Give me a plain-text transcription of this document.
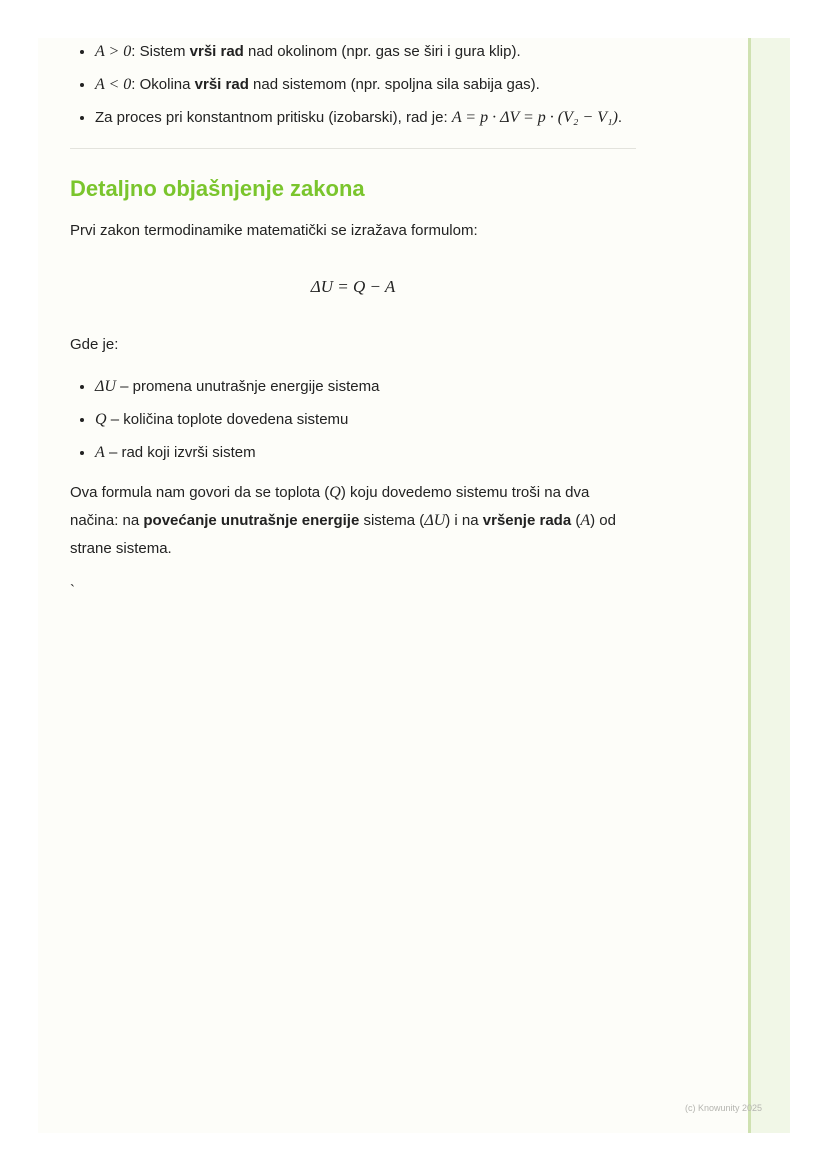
• A > 0: Sistem vrši rad nad okolinom (npr. gas se širi i gura klip).
• A < 0: Okolina vrši rad nad sistemom (npr. spoljna sila sabija gas).
• Za proces pri konstantnom pritisku (izobarski), rad je: A = p · ΔV = p · (V₂ − V₁).
Detaljno objašnjenje zakona

Prvi zakon termodinamike matematički se izražava formulom:

ΔU = Q − A

Gde je:

• ΔU – promena unutrašnje energije sistema
• Q – količina toplote dovedena sistemu
• A – rad koji izvrši sistem

Ova formula nam govori da se toplota (Q) koju dovedemo sistemu troši na dva načina: na povećanje unutrašnje energije sistema (ΔU) i na vršenje rada (A) od strane sistema.

`

(c) Knowunity 2025
